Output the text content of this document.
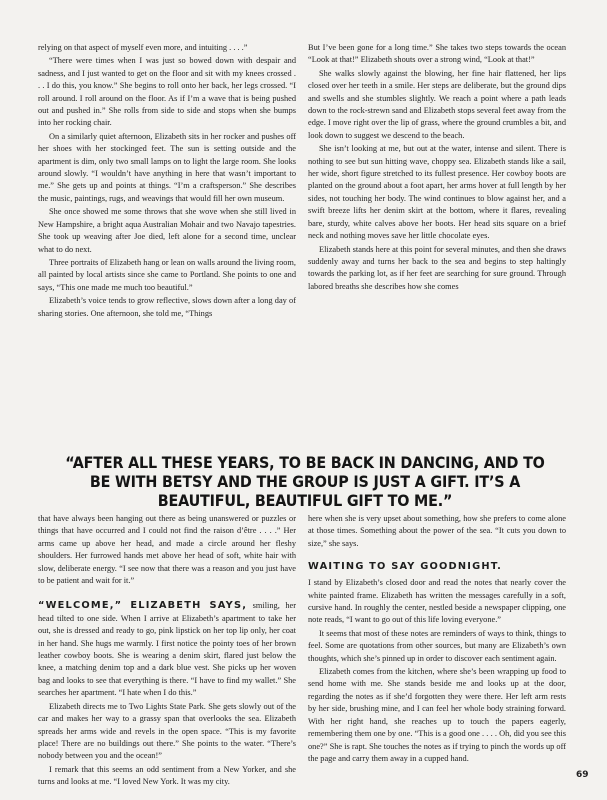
relying on that aspect of myself even more, and intuiting . . . .”

“There were times when I was just so bowed down with despair and sadness, and I just wanted to get on the floor and sit with my knees crossed . . . I do this, you know.” She begins to roll onto her back, her legs crossed. “I roll around. I roll around on the floor. As if I’m a wave that is being pushed out and pushed in.” She rolls from side to side and stops when she bumps into her rocking chair.

On a similarly quiet afternoon, Elizabeth sits in her rocker and pushes off her shoes with her stockinged feet. The sun is setting outside and the apartment is dim, only two small lamps on to light the large room. She looks around slowly. “I wouldn’t have anything in here that wasn’t important to me.” She gets up and points at things. “I’m a craftsperson.” She describes the music, paintings, rugs, and weavings that would fill her own museum.

She once showed me some throws that she wove when she still lived in New Hampshire, a bright aqua Australian Mohair and two Navajo tapestries. She took up weaving after Joe died, left alone for a second time, unclear what to do next.

Three portraits of Elizabeth hang or lean on walls around the living room, all painted by local artists since she came to Portland. She points to one and says, “This one made me much too beautiful.”

Elizabeth’s voice tends to grow reflective, slows down after a long day of sharing stories. One afternoon, she told me, “Things

But I’ve been gone for a long time.” She takes two steps towards the ocean “Look at that!” Elizabeth shouts over a strong wind, “Look at that!”

She walks slowly against the blowing, her fine hair flattened, her lips closed over her teeth in a smile. Her steps are deliberate, but the ground dips and swells and she stumbles slightly. We reach a point where a path leads down to the rock-strewn sand and Elizabeth stops several feet away from the edge. I move right over the lip of grass, where the ground crumbles a bit, and look down to suggest we descend to the beach.

She isn’t looking at me, but out at the water, intense and silent. There is nothing to see but sun hitting wave, choppy sea. Elizabeth stands like a sail, her wide, short figure stretched to its fullest presence. Her cowboy boots are planted on the ground about a foot apart, her arms hover at full length by her sides, not touching her body. The wind continues to blow against her, and a swift breeze lifts her denim skirt at the bottom, where it flares, revealing bare, sturdy, white calves above her boots. Her head sits square on a brief neck and nothing moves save her little chocolate eyes.

Elizabeth stands here at this point for several minutes, and then she draws suddenly away and turns her back to the sea and begins to step haltingly towards the parking lot, as if her feet are searching for sure ground. Through labored breaths she describes how she comes

“AFTER ALL THESE YEARS, TO BE BACK IN DANCING, AND TO BE WITH BETSY AND THE GROUP IS JUST A GIFT. IT’S A BEAUTIFUL, BEAUTIFUL GIFT TO ME.”

that have always been hanging out there as being unanswered or puzzles or things that have occurred and I could not find the raison d’être . . . .” Her arms came up above her head, and made a circle around her fleshy shoulders. Her furrowed hands met above her head of soft, white hair with slow, deliberate energy. “I see now that there was a reason and you just have to be patient and wait for it.”

“WELCOME,” ELIZABETH SAYS, smiling, her head tilted to one side. When I arrive at Elizabeth’s apartment to take her out, she is dressed and ready to go, pink lipstick on her top lip only, her coat in her hand. She hugs me warmly. I first notice the pointy toes of her brown leather cowboy boots. She is wearing a denim skirt, flared just below the knee, a matching denim top and a dark blue vest. She picks up her woven bag and looks to see that everything is there. “I have to find my wallet.” She searches her apartment. “I hate when I do this.”

Elizabeth directs me to Two Lights State Park. She gets slowly out of the car and makes her way to a grassy span that overlooks the sea. Elizabeth spreads her arms wide and revels in the open space. “This is my favorite place! There are no buildings out there.” She points to the water. “There’s nobody between you and the ocean!”

I remark that this seems an odd sentiment from a New Yorker, and she turns and looks at me. “I loved New York. It was my city.

here when she is very upset about something, how she prefers to come alone at those times. Something about the power of the sea. “It cuts you down to size,” she says.

WAITING TO SAY GOODNIGHT.

I stand by Elizabeth’s closed door and read the notes that nearly cover the white painted frame. Elizabeth has written the messages carefully in a soft, cursive hand. In roughly the center, nestled beside a newspaper clipping, one note reads, “I want to go out of this life loving everyone.”

It seems that most of these notes are reminders of ways to think, things to feel. Some are quotations from other sources, but many are Elizabeth’s own thoughts, which she’s pinned up in order to discover each sentiment again.

Elizabeth comes from the kitchen, where she’s been wrapping up food to send home with me. She stands beside me and looks up at the door, regarding the notes as if she’d forgotten they were there. Her left arm rests by her side, brushing mine, and I can feel her whole body straining forward. With her right hand, she reaches up to touch the papers eagerly, remembering them one by one. “This is a good one . . . . Oh, did you see this one?” She is rapt. She touches the notes as if trying to pinch the words up off the page and carry them away in a cupped hand.

69
